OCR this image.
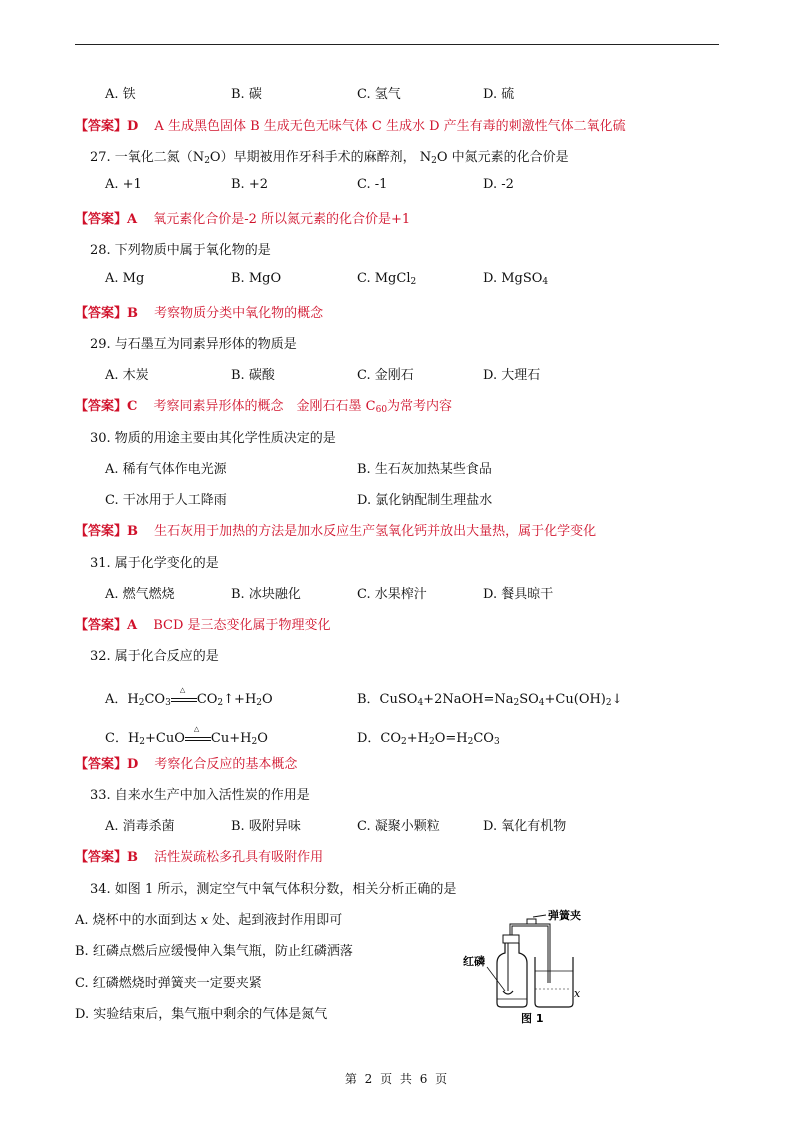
A. 铁	B. 碳	C. 氢气	D. 硫
【答案】D A 生成黑色固体 B 生成无色无味气体 C 生成水 D 产生有毒的刺激性气体二氧化硫
27. 一氧化二氮$(N_2O)$早期被用作牙科手术的麻醉剂， $N_2O$ 中氮元素的化合价是
A. +1	B. +2	C. -1	D. -2
【答案】A 氧元素化合价是-2 所以氮元素的化合价是+1
28. 下列物质中属于氧化物的是
A. Mg	B. MgO	C. MgCl$_2$	D. MgSO$_4$
【答案】B 考察物质分类中氧化物的概念
29. 与石墨互为同素异形体的物质是
A. 木炭	B. 碳酸	C. 金刚石	D. 大理石
【答案】C 考察同素异形体的概念　金刚石石墨 $C_{60}$为常考内容
30. 物质的用途主要由其化学性质决定的是
A. 稀有气体作电光源	B. 生石灰加热某些食品
C. 干冰用于人工降雨	D. 氯化钠配制生理盐水
【答案】B 生石灰用于加热的方法是加水反应生产氢氧化钙并放出大量热，属于化学变化
31. 属于化学变化的是
A. 燃气燃烧	B. 冰块融化	C. 水果榨汁	D. 餐具晾干
【答案】A BCD 是三态变化属于物理变化
32. 属于化合反应的是
A．$H_2CO_3$
△
$CO_2↑+H_2O$	B．$CuSO_4+2NaOH=Na_2SO_4+Cu(OH)_2↓$
C．$H_2+CuO$
△
$Cu+H_2O$	D．$CO_2+H_2O=H_2CO_3$
【答案】D 考察化合反应的基本概念
33. 自来水生产中加入活性炭的作用是
A. 消毒杀菌	B. 吸附异味	C. 凝聚小颗粒	D. 氧化有机物
【答案】B 活性炭疏松多孔具有吸附作用
34. 如图 1 所示，测定空气中氧气体积分数，相关分析正确的是
A. 烧杯中的水面到达 x 处、起到液封作用即可
B. 红磷点燃后应缓慢伸入集气瓶，防止红磷洒落
C. 红磷燃烧时弹簧夹一定要夹紧
D. 实验结束后，集气瓶中剩余的气体是氮气
弹簧夹
红磷
x
图 1
第 2 页 共 6 页
